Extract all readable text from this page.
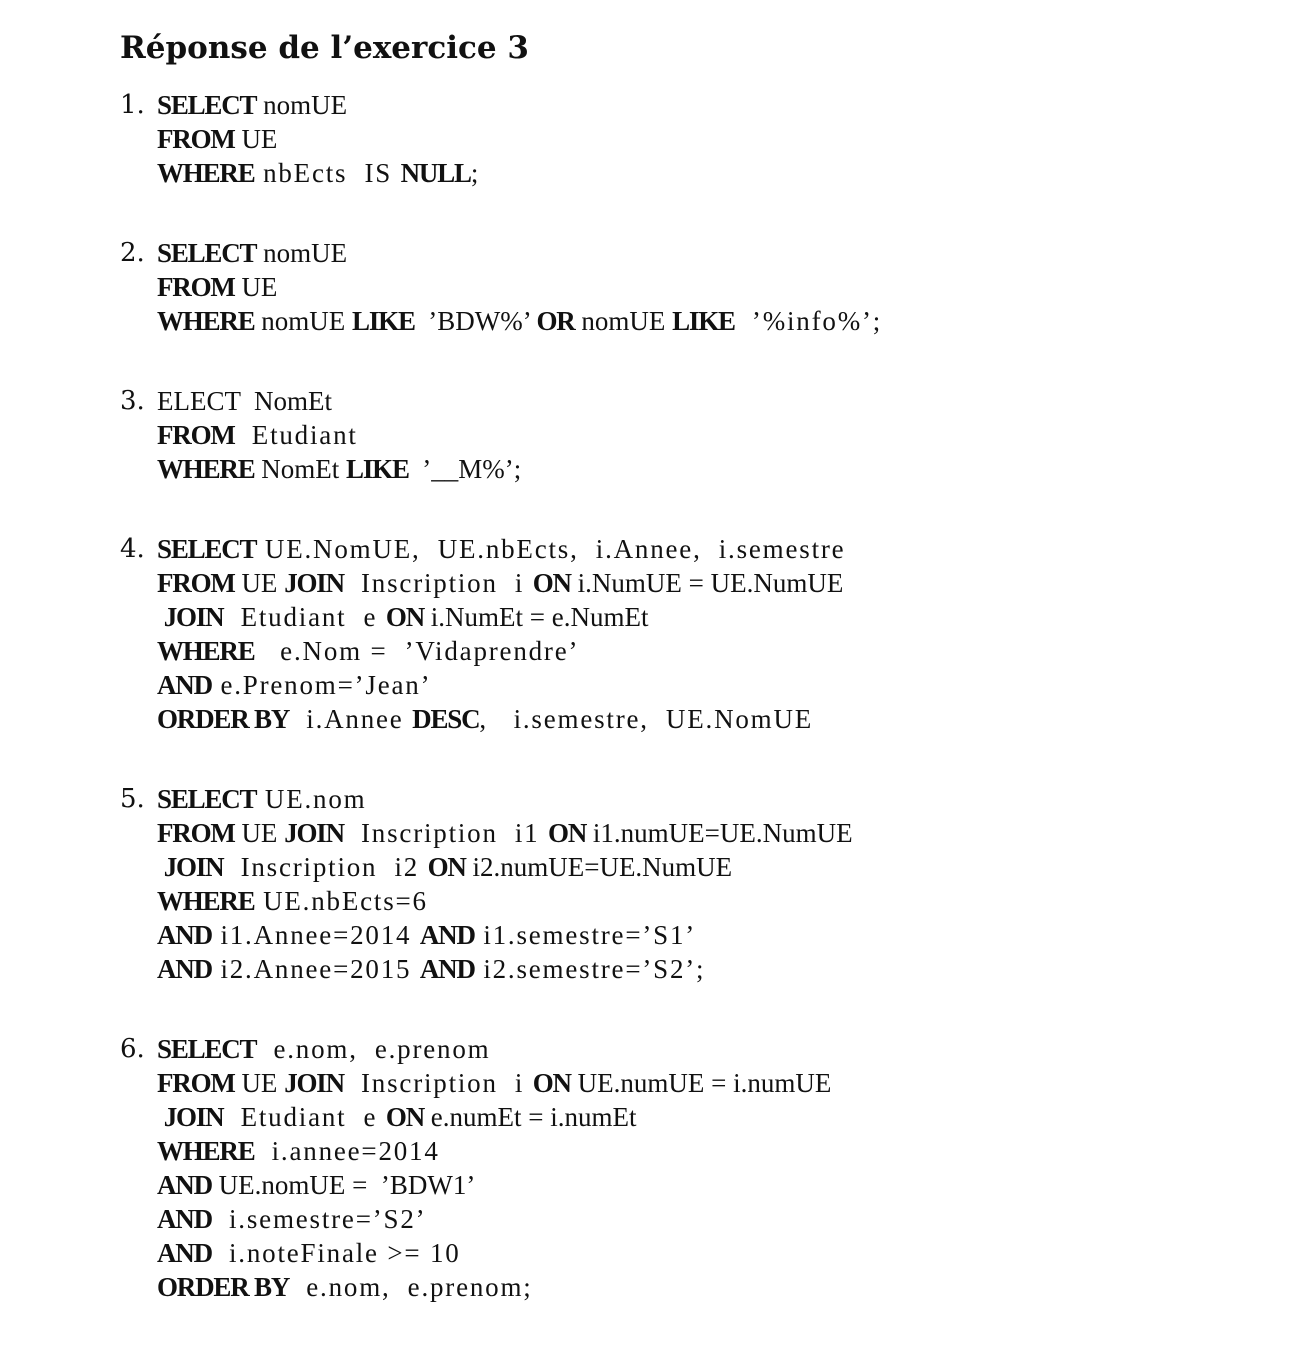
Réponse de l’exercice 3
1. SELECT nomUE
FROM UE
WHERE nbEcts  IS NULL;
2. SELECT nomUE
FROM UE
WHERE nomUE LIKE  ’BDW%’ OR nomUE LIKE  ’%info%’;
3. ELECT  NomEt
FROM  Etudiant
WHERE NomEt LIKE  ’__M%’;
4. SELECT UE.NomUE,  UE.nbEcts,  i.Annee,  i.semestre
FROM UE JOIN  Inscription  i ON i.NumUE = UE.NumUE
JOIN  Etudiant  e ON i.NumEt = e.NumEt
WHERE   e.Nom =  ’Vidaprendre’
AND e.Prenom=’Jean’
ORDER BY  i.Annee DESC,   i.semestre,  UE.NomUE
5. SELECT UE.nom
FROM UE JOIN  Inscription  i1 ON i1.numUE=UE.NumUE
JOIN  Inscription  i2 ON i2.numUE=UE.NumUE
WHERE UE.nbEcts=6
AND i1.Annee=2014 AND i1.semestre=’S1’
AND i2.Annee=2015 AND i2.semestre=’S2’;
6. SELECT  e.nom,  e.prenom
FROM UE JOIN  Inscription  i ON UE.numUE = i.numUE
JOIN  Etudiant  e ON e.numEt = i.numEt
WHERE  i.annee=2014
AND UE.nomUE =  ’BDW1’
AND  i.semestre=’S2’
AND  i.noteFinale >= 10
ORDER BY  e.nom,  e.prenom;
